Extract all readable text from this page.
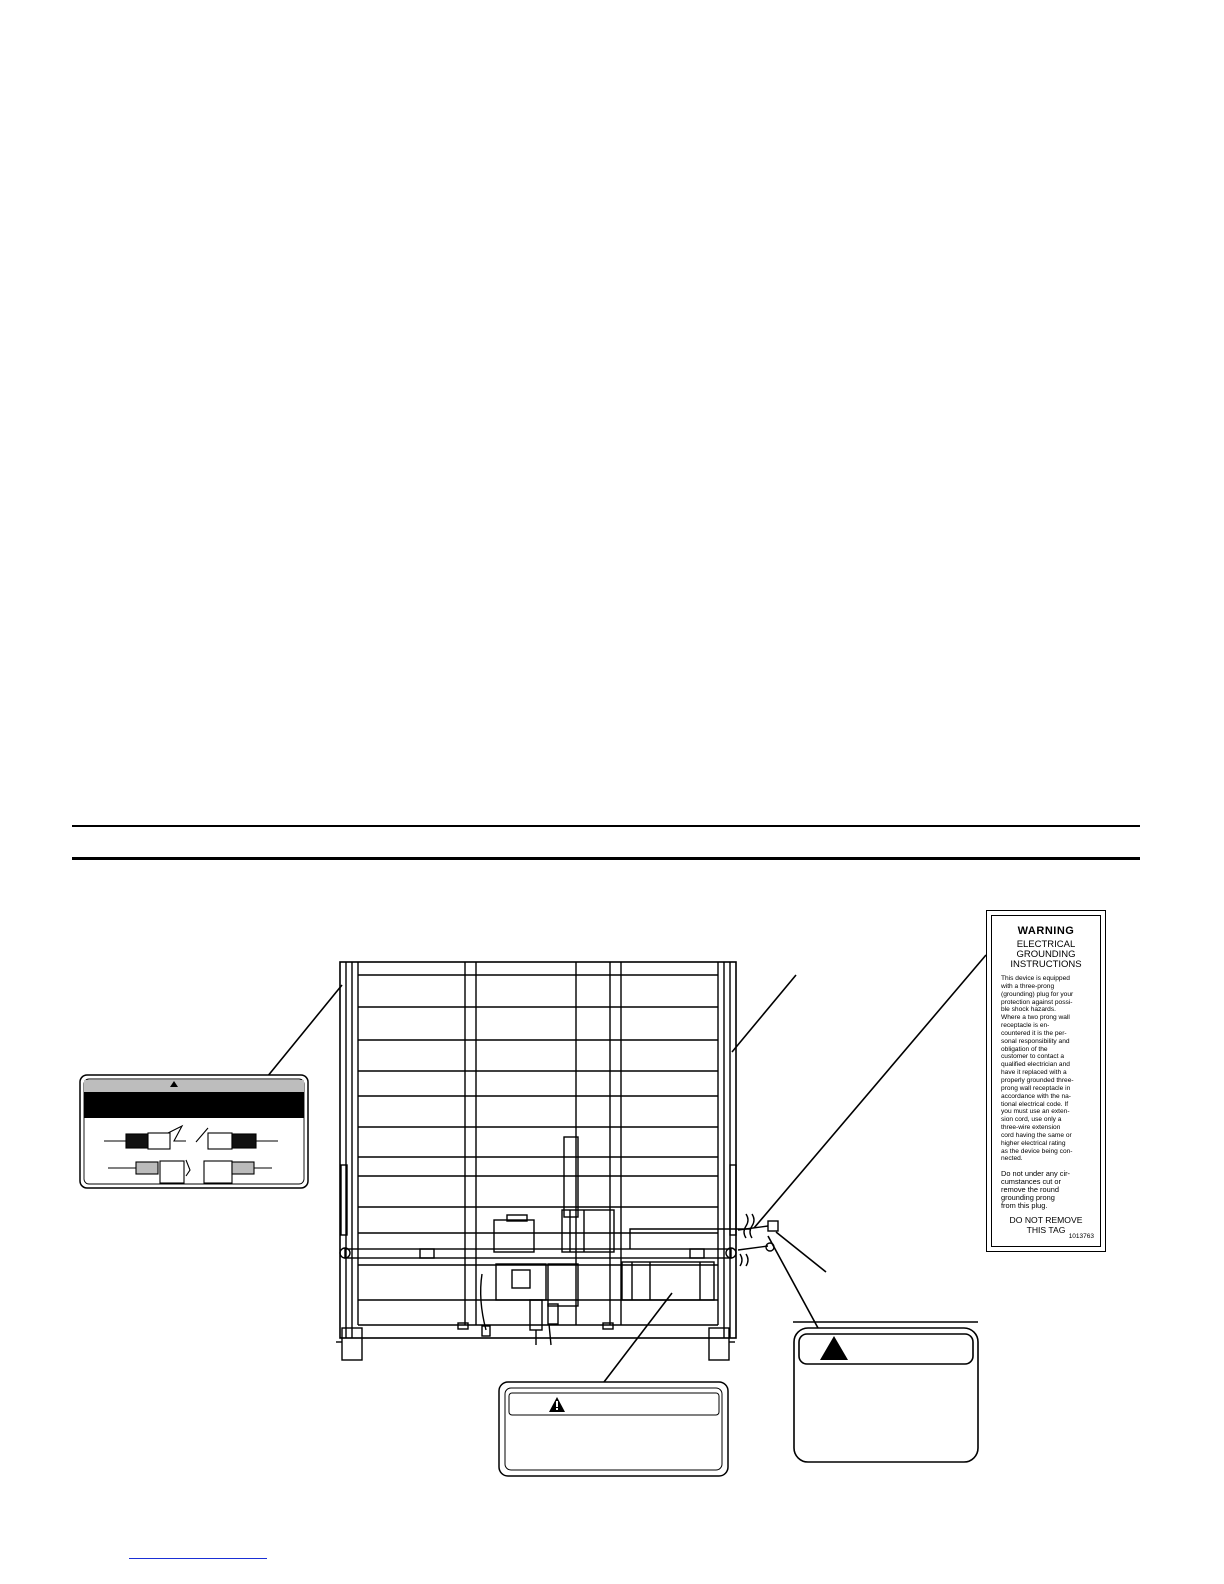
WARNING
ELECTRICAL
GROUNDING
INSTRUCTIONS
This device is equipped
with a three-prong
(grounding) plug for your
protection against possi-
ble shock hazards.
Where a two prong wall
receptacle is en-
countered it is the per-
sonal responsibility and
obligation of the
customer to contact a
qualified electrician and
have it replaced with a
properly grounded three-
prong wall receptacle in
accordance with the na-
tional electrical code. If
you must use an exten-
sion cord, use only a
three-wire extension
cord having the same or
higher electrical rating
as the device being con-
nected.
Do not under any cir-
cumstances cut or
remove the round
grounding prong
from this plug.
DO NOT REMOVE
THIS TAG
1013763
